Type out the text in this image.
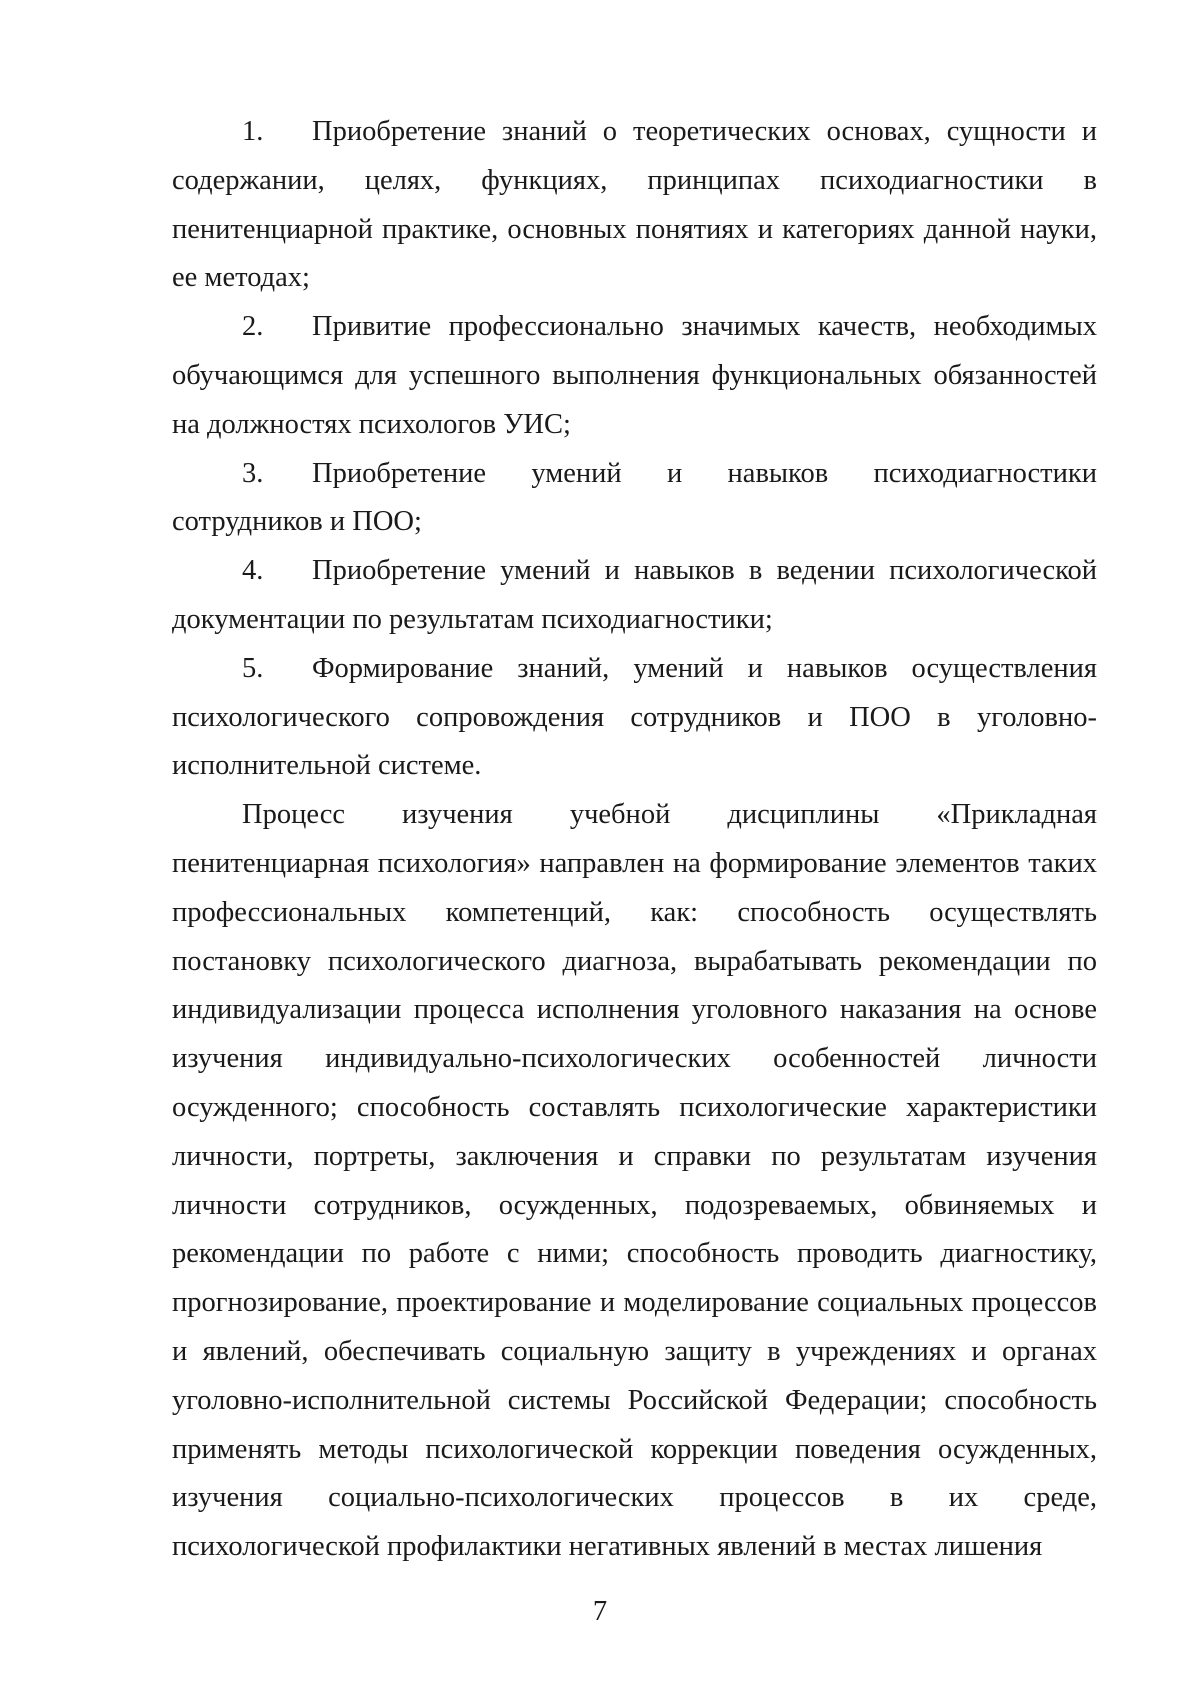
1. Приобретение знаний о теоретических основах, сущности и содержании, целях, функциях, принципах психодиагностики в пенитенциарной практике, основных понятиях и категориях данной науки, ее методах;

2. Привитие профессионально значимых качеств, необходимых обучающимся для успешного выполнения функциональных обязанностей на должностях психологов УИС;

3. Приобретение умений и навыков психодиагностики сотрудников и ПОО;

4. Приобретение умений и навыков в ведении психологической документации по результатам психодиагностики;

5. Формирование знаний, умений и навыков осуществления психологического сопровождения сотрудников и ПОО в уголовно-исполнительной системе.

Процесс изучения учебной дисциплины «Прикладная пенитенциарная психология» направлен на формирование элементов таких профессиональных компетенций, как: способность осуществлять постановку психологического диагноза, вырабатывать рекомендации по индивидуализации процесса исполнения уголовного наказания на основе изучения индивидуально-психологических особенностей личности осужденного; способность составлять психологические характеристики личности, портреты, заключения и справки по результатам изучения личности сотрудников, осужденных, подозреваемых, обвиняемых и рекомендации по работе с ними; способность проводить диагностику, прогнозирование, проектирование и моделирование социальных процессов и явлений, обеспечивать социальную защиту в учреждениях и органах уголовно-исполнительной системы Российской Федерации; способность применять методы психологической коррекции поведения осужденных, изучения социально-психологических процессов в их среде, психологической профилактики негативных явлений в местах лишения

7
